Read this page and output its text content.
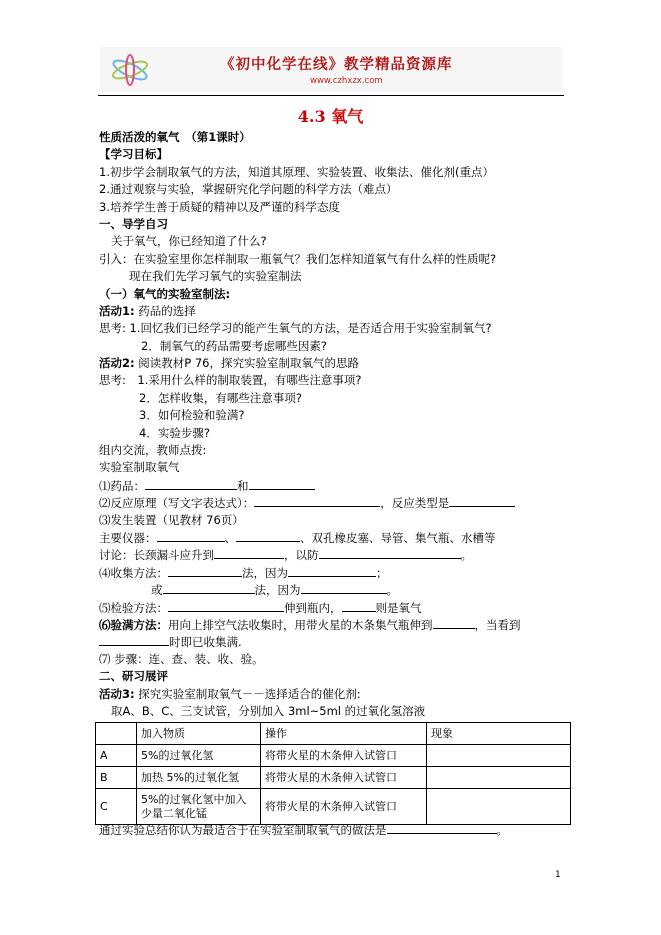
《初中化学在线》教学精品资源库
www.czhxzx.com
4.3 氧气
性质活泼的氧气　（第1课时）
【学习目标】
1.初步学会制取氧气的方法，知道其原理、实验装置、收集法、催化剂(重点）
2.通过观察与实验，掌握研究化学问题的科学方法（难点）
3.培养学生善于质疑的精神以及严谨的科学态度
一、导学自习
关于氧气，你已经知道了什么?
引入：在实验室里你怎样制取一瓶氧气？我们怎样知道氧气有什么样的性质呢?
现在我们先学习氧气的实验室制法
（一）氧气的实验室制法:
活动1: 药品的选择
思考: 1.回忆我们已经学习的能产生氧气的方法，是否适合用于实验室制氧气?
2．制氧气的药品需要考虑哪些因素?
活动2: 阅读教材P 76，探究实验室制取氧气的思路
思考:　 1.采用什么样的制取装置，有哪些注意事项?
2．怎样收集，有哪些注意事项?
3．如何检验和验满?
4．实验步骤?
组内交流，教师点拨:
实验室制取氧气
⑴药品：	和
⑵反应原理（写文字表达式）：	，反应类型是
⑶发生装置（见教材 76页）
主要仪器：	、	、双孔橡皮塞、导管、集气瓶、水槽等
讨论：长颈漏斗应升到	，以防	。
⑷收集方法：	法，因为	；
或	法，因为	。
⑸检验方法：	伸到瓶内，	则是氧气
⑹验满方法：用向上排空气法收集时，用带火星的木条集气瓶伸到	，当看到
时即已收集满.
⑺ 步骤：连、查、装、收、验。
二、研习展评
活动3: 探究实验室制取氧气－－选择适合的催化剂:
取A、B、C、三支试管，分别加入 3ml~5ml 的过氧化氢溶液
	加入物质	操作	现象
A	5%的过氧化氢	将带火星的木条伸入试管口	
B	加热 5%的过氧化氢	将带火星的木条伸入试管口	
C	5%的过氧化氢中加入少量二氧化锰	将带火星的木条伸入试管口	
通过实验总结你认为最适合于在实验室制取氧气的做法是	。
1
